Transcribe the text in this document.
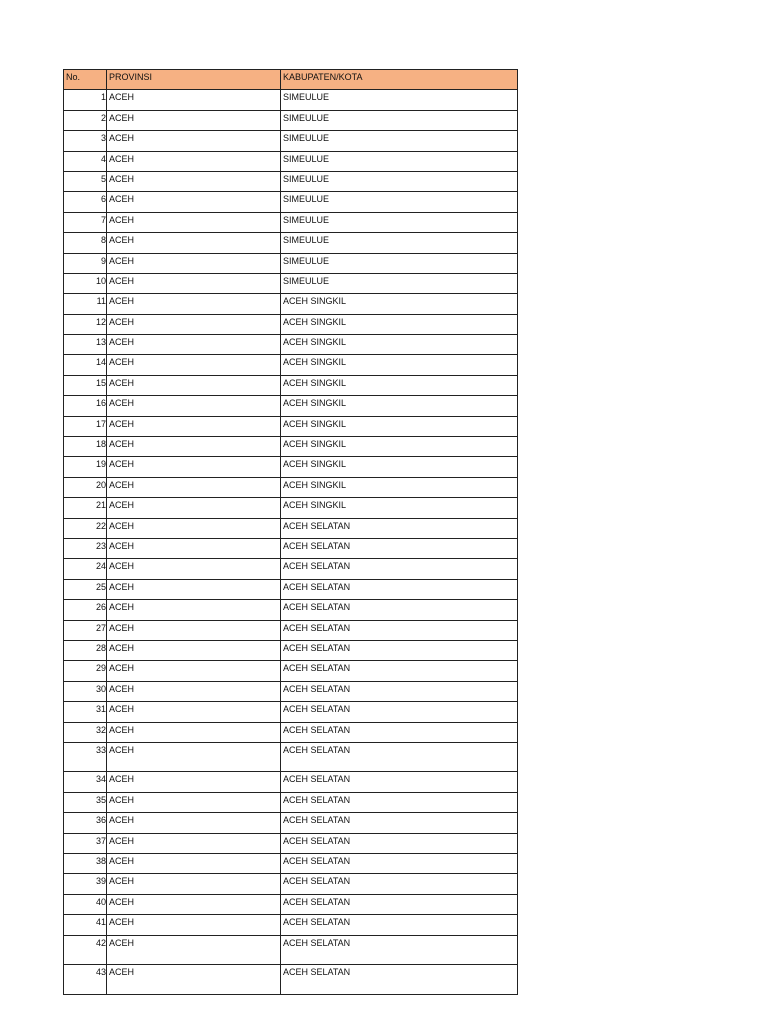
No.	PROVINSI	KABUPATEN/KOTA
1	ACEH	SIMEULUE
2	ACEH	SIMEULUE
3	ACEH	SIMEULUE
4	ACEH	SIMEULUE
5	ACEH	SIMEULUE
6	ACEH	SIMEULUE
7	ACEH	SIMEULUE
8	ACEH	SIMEULUE
9	ACEH	SIMEULUE
10	ACEH	SIMEULUE
11	ACEH	ACEH SINGKIL
12	ACEH	ACEH SINGKIL
13	ACEH	ACEH SINGKIL
14	ACEH	ACEH SINGKIL
15	ACEH	ACEH SINGKIL
16	ACEH	ACEH SINGKIL
17	ACEH	ACEH SINGKIL
18	ACEH	ACEH SINGKIL
19	ACEH	ACEH SINGKIL
20	ACEH	ACEH SINGKIL
21	ACEH	ACEH SINGKIL
22	ACEH	ACEH SELATAN
23	ACEH	ACEH SELATAN
24	ACEH	ACEH SELATAN
25	ACEH	ACEH SELATAN
26	ACEH	ACEH SELATAN
27	ACEH	ACEH SELATAN
28	ACEH	ACEH SELATAN
29	ACEH	ACEH SELATAN
30	ACEH	ACEH SELATAN
31	ACEH	ACEH SELATAN
32	ACEH	ACEH SELATAN
33	ACEH	ACEH SELATAN
34	ACEH	ACEH SELATAN
35	ACEH	ACEH SELATAN
36	ACEH	ACEH SELATAN
37	ACEH	ACEH SELATAN
38	ACEH	ACEH SELATAN
39	ACEH	ACEH SELATAN
40	ACEH	ACEH SELATAN
41	ACEH	ACEH SELATAN
42	ACEH	ACEH SELATAN
43	ACEH	ACEH SELATAN
